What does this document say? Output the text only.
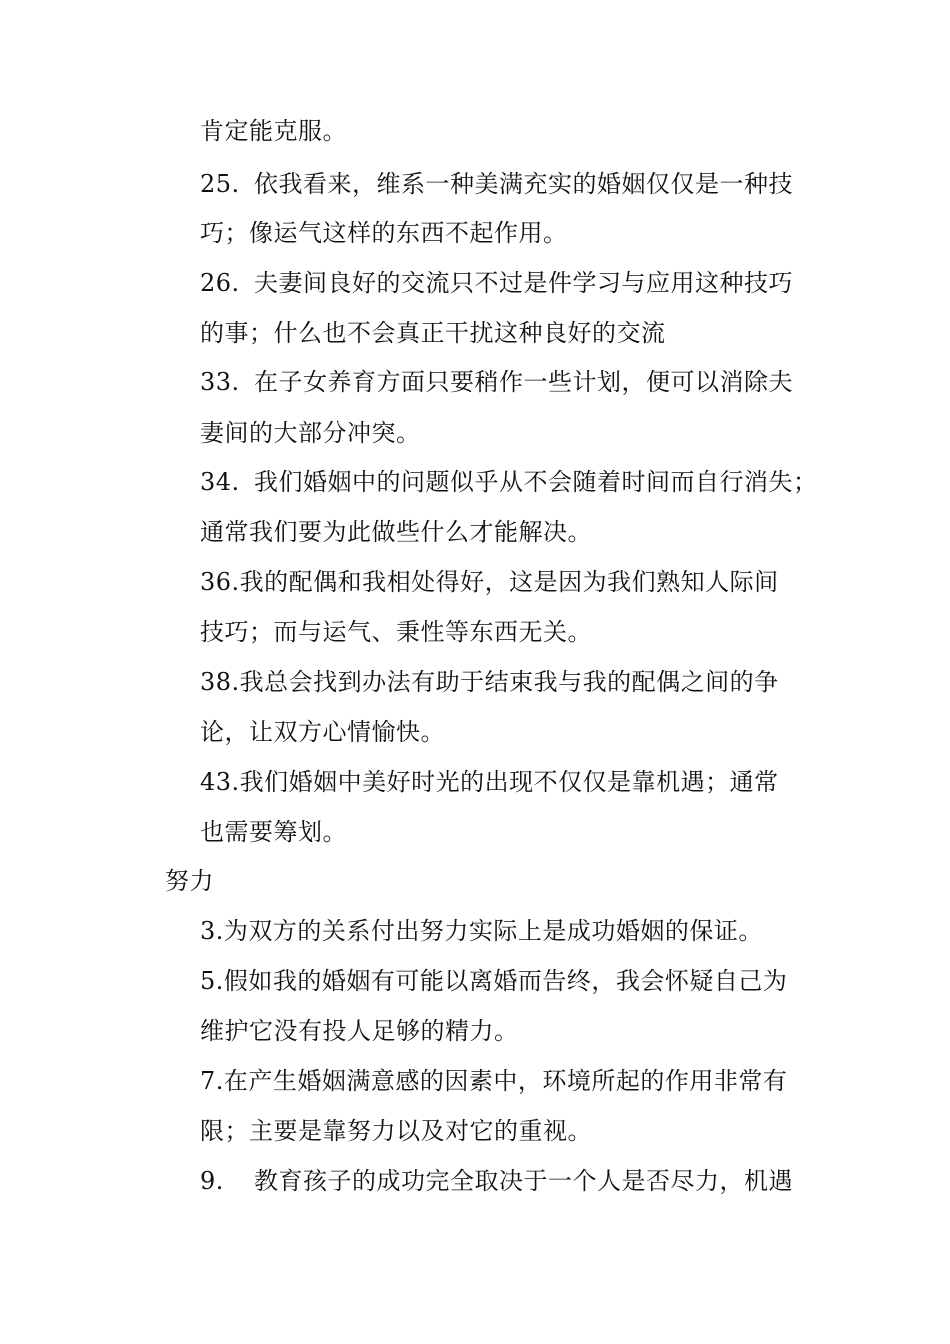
肯定能克服。
25. 依我看来，维系一种美满充实的婚姻仅仅是一种技
巧；像运气这样的东西不起作用。
26. 夫妻间良好的交流只不过是件学习与应用这种技巧
的事；什么也不会真正干扰这种良好的交流
33. 在子女养育方面只要稍作一些计划，便可以消除夫
妻间的大部分冲突。
34. 我们婚姻中的问题似乎从不会随着时间而自行消失；
通常我们要为此做些什么才能解决。
36.我的配偶和我相处得好，这是因为我们熟知人际间
技巧；而与运气、秉性等东西无关。
38.我总会找到办法有助于结束我与我的配偶之间的争
论，让双方心情愉快。
43.我们婚姻中美好时光的出现不仅仅是靠机遇；通常
也需要筹划。
努力
3.为双方的关系付出努力实际上是成功婚姻的保证。
5.假如我的婚姻有可能以离婚而告终，我会怀疑自己为
维护它没有投人足够的精力。
7.在产生婚姻满意感的因素中，环境所起的作用非常有
限；主要是靠努力以及对它的重视。
9. 教育孩子的成功完全取决于一个人是否尽力，机遇
